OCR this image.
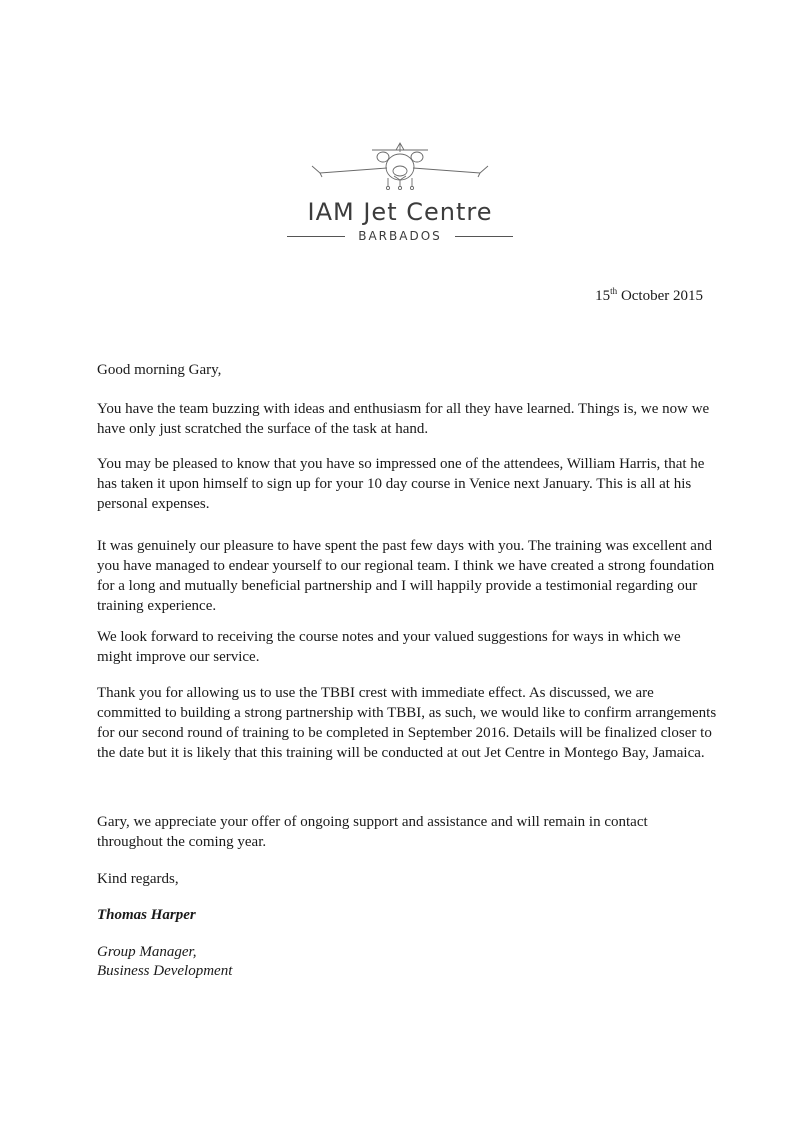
IAM Jet Centre
BARBADOS
15th October 2015

Good morning Gary,

You have the team buzzing with ideas and enthusiasm for all they have learned. Things is, we now we have only just scratched the surface of the task at hand.

You may be pleased to know that you have so impressed one of the attendees, William Harris, that he has taken it upon himself to sign up for your 10 day course in Venice next January. This is all at his personal expenses.

It was genuinely our pleasure to have spent the past few days with you. The training was excellent and you have managed to endear yourself to our regional team. I think we have created a strong foundation for a long and mutually beneficial partnership and I will happily provide a testimonial regarding our training experience.

We look forward to receiving the course notes and your valued suggestions for ways in which we might improve our service.

Thank you for allowing us to use the TBBI crest with immediate effect. As discussed, we are committed to building a strong partnership with TBBI, as such, we would like to confirm arrangements for our second round of training to be completed in September 2016. Details will be finalized closer to the date but it is likely that this training will be conducted at out Jet Centre in Montego Bay, Jamaica.

Gary, we appreciate your offer of ongoing support and assistance and will remain in contact throughout the coming year.

Kind regards,

Thomas Harper

Group Manager,

Business Development
